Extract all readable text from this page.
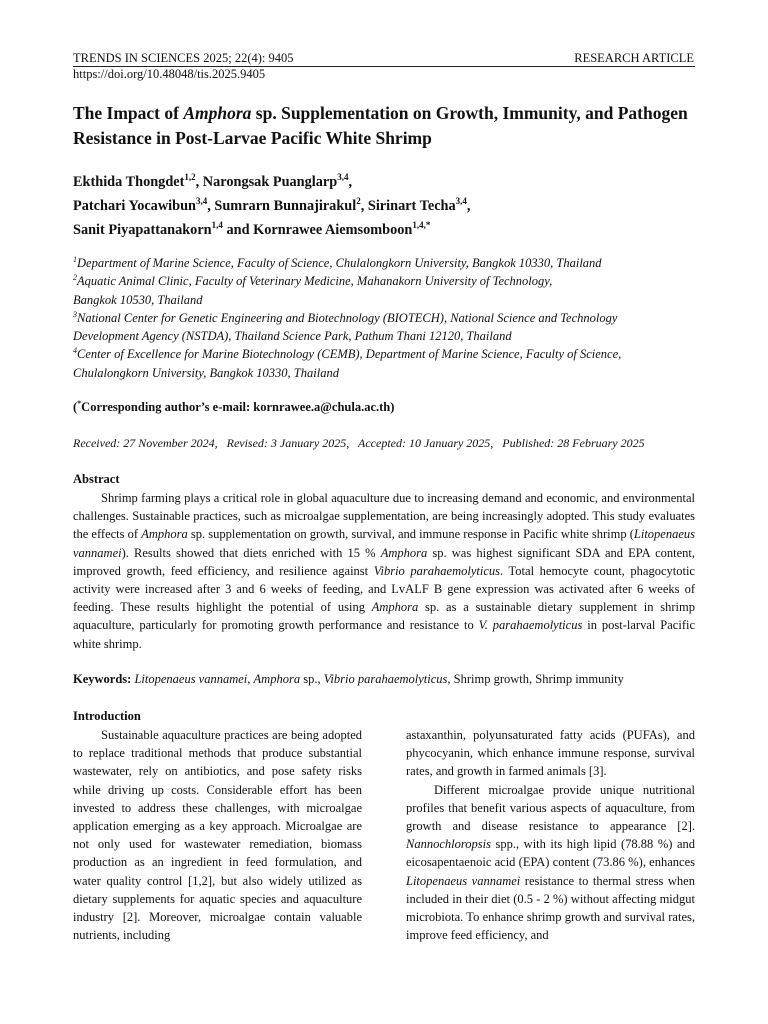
TRENDS IN SCIENCES 2025; 22(4): 9405	RESEARCH ARTICLE
https://doi.org/10.48048/tis.2025.9405
The Impact of Amphora sp. Supplementation on Growth, Immunity, and Pathogen Resistance in Post-Larvae Pacific White Shrimp
Ekthida Thongdet$^{1,2}$, Narongsak Puanglarp$^{3,4}$,
Patchari Yocawibun$^{3,4}$, Sumrarn Bunnajirakul$^2$, Sirinart Techa$^{3,4}$,
Sanit Piyapattanakorn$^{1,4}$ and Kornrawee Aiemsomboon$^{1,4,*}$
$^1$Department of Marine Science, Faculty of Science, Chulalongkorn University, Bangkok 10330, Thailand
$^2$Aquatic Animal Clinic, Faculty of Veterinary Medicine, Mahanakorn University of Technology,
Bangkok 10530, Thailand
$^3$National Center for Genetic Engineering and Biotechnology (BIOTECH), National Science and Technology
Development Agency (NSTDA), Thailand Science Park, Pathum Thani 12120, Thailand
$^4$Center of Excellence for Marine Biotechnology (CEMB), Department of Marine Science, Faculty of Science,
Chulalongkorn University, Bangkok 10330, Thailand
(*Corresponding author’s e-mail: kornrawee.a@chula.ac.th)
Received: 27 November 2024,   Revised: 3 January 2025,   Accepted: 10 January 2025,   Published: 28 February 2025
Abstract
Shrimp farming plays a critical role in global aquaculture due to increasing demand and economic, and environmental challenges. Sustainable practices, such as microalgae supplementation, are being increasingly adopted. This study evaluates the effects of Amphora sp. supplementation on growth, survival, and immune response in Pacific white shrimp (Litopenaeus vannamei). Results showed that diets enriched with 15 % Amphora sp. was highest significant SDA and EPA content, improved growth, feed efficiency, and resilience against Vibrio parahaemolyticus. Total hemocyte count, phagocytotic activity were increased after 3 and 6 weeks of feeding, and LvALF B gene expression was activated after 6 weeks of feeding. These results highlight the potential of using Amphora sp. as a sustainable dietary supplement in shrimp aquaculture, particularly for promoting growth performance and resistance to V. parahaemolyticus in post-larval Pacific white shrimp.
Keywords: Litopenaeus vannamei, Amphora sp., Vibrio parahaemolyticus, Shrimp growth, Shrimp immunity
Introduction

Sustainable aquaculture practices are being adopted to replace traditional methods that produce substantial wastewater, rely on antibiotics, and pose safety risks while driving up costs. Considerable effort has been invested to address these challenges, with microalgae application emerging as a key approach. Microalgae are not only used for wastewater remediation, biomass production as an ingredient in feed formulation, and water quality control [1,2], but also widely utilized as dietary supplements for aquatic species and aquaculture industry [2]. Moreover, microalgae contain valuable nutrients, including

astaxanthin, polyunsaturated fatty acids (PUFAs), and phycocyanin, which enhance immune response, survival rates, and growth in farmed animals [3].

Different microalgae provide unique nutritional profiles that benefit various aspects of aquaculture, from growth and disease resistance to appearance [2]. Nannochloropsis spp., with its high lipid (78.88 %) and eicosapentaenoic acid (EPA) content (73.86 %), enhances Litopenaeus vannamei resistance to thermal stress when included in their diet (0.5 - 2 %) without affecting midgut microbiota. To enhance shrimp growth and survival rates, improve feed efficiency, and
